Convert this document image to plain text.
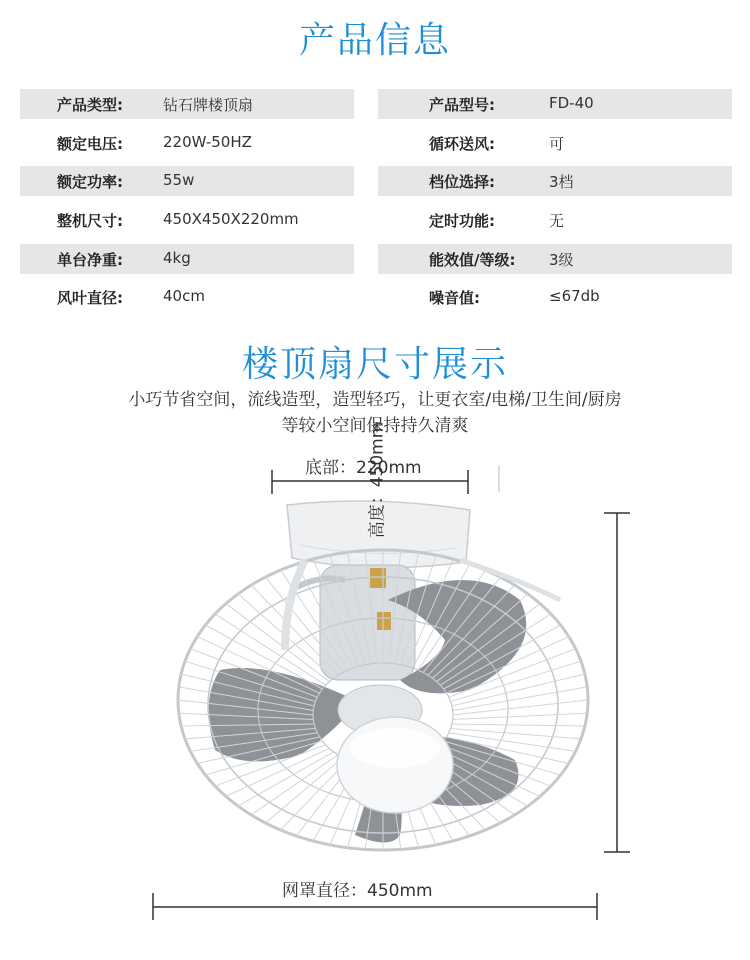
产品信息
产品类型:	钻石牌楼顶扇	产品型号:	FD-40
额定电压:	220W-50HZ	循环送风:	可
额定功率:	55w	档位选择:	3档
整机尺寸:	450X450X220mm	定时功能:	无
单台净重:	4kg	能效值/等级: 3级
风叶直径:	40cm	噪音值:	≤67db
楼顶扇尺寸展示
小巧节省空间，流线造型，造型轻巧，让更衣室/电梯/卫生间/厨房
等较小空间保持持久清爽
底部：220mm
高度：450mm
网罩直径：450mm
